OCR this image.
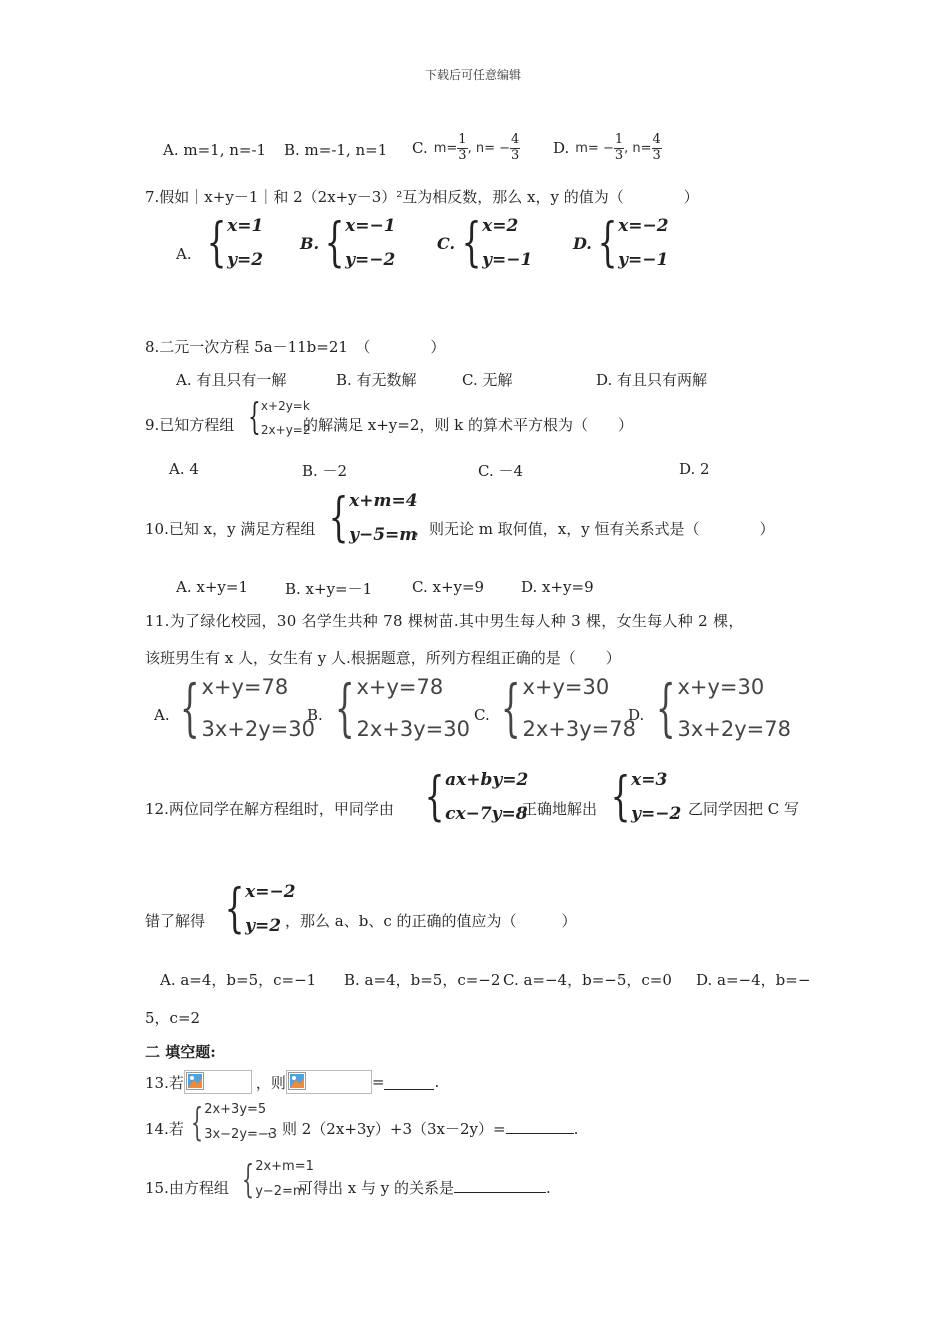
下载后可任意编辑
A. m=1, n=-1 B. m=-1, n=1 C. $m= \frac{1}{3}$ , $n= - \frac{4}{3} D$. $m= - \frac{1}{3}$ , $n= \frac{4}{3}$
7.假如｜x+y－1｜和 2（2x+y－3）²互为相反数，那么 x，y 的值为（　　　　）
A. { x=1
y=2
B. { x=−1
y=−2
C. { x=2
y=−1
D. { x=−2
y=−1
8.二元一次方程 5a－11b=21　（　　　　）
A. 有且只有一解	B. 有无数解	C. 无解	D. 有且只有两解
9.已知方程组 { x+2y=k
2x+y=2
的解满足 x+y=2，则 k 的算术平方根为（　　）
A. 4	B. －2	C. －4	D. 2
10.已知 x，y 满足方程组 { x+m=4
y−5=m
，则无论 m 取何值，x，y 恒有关系式是（　　　　）
A. x+y=1 B. x+y=－1	C. x+y=9 D. x+y=9
11.为了绿化校园，30 名学生共种 78 棵树苗.其中男生每人种 3 棵，女生每人种 2 棵，
该班男生有 x 人，女生有 y 人.根据题意，所列方程组正确的是（　　）
A. { x+y=78
3x+2y=30
B. { x+y=78
2x+3y=30
C. { x+y=30
2x+3y=78
D. { x+y=30
3x+2y=78
12.两位同学在解方程组时，甲同学由 { ax+by=2
cx−7y=8
正确地解出 { x=3
y=−2
，乙同学因把 C 写
错了解得 { x=−2
y=2 ，那么 a、b、c 的正确的值应为（　　　）
A. a=4，b=5，c=−1 B. a=4，b=5，c=−2 C. a=−4，b=−5，c=0 D. a=−4，b=−
5，c=2
二 填空题:
13.若	，则	=	.
14.若 { 2x+3y=5
3x−2y=−3
，则 2（2x+3y）+3（3x－2y）=	.
15.由方程组 { 2x+m=1
y−2=m
可得出 x 与 y 的关系是	.
